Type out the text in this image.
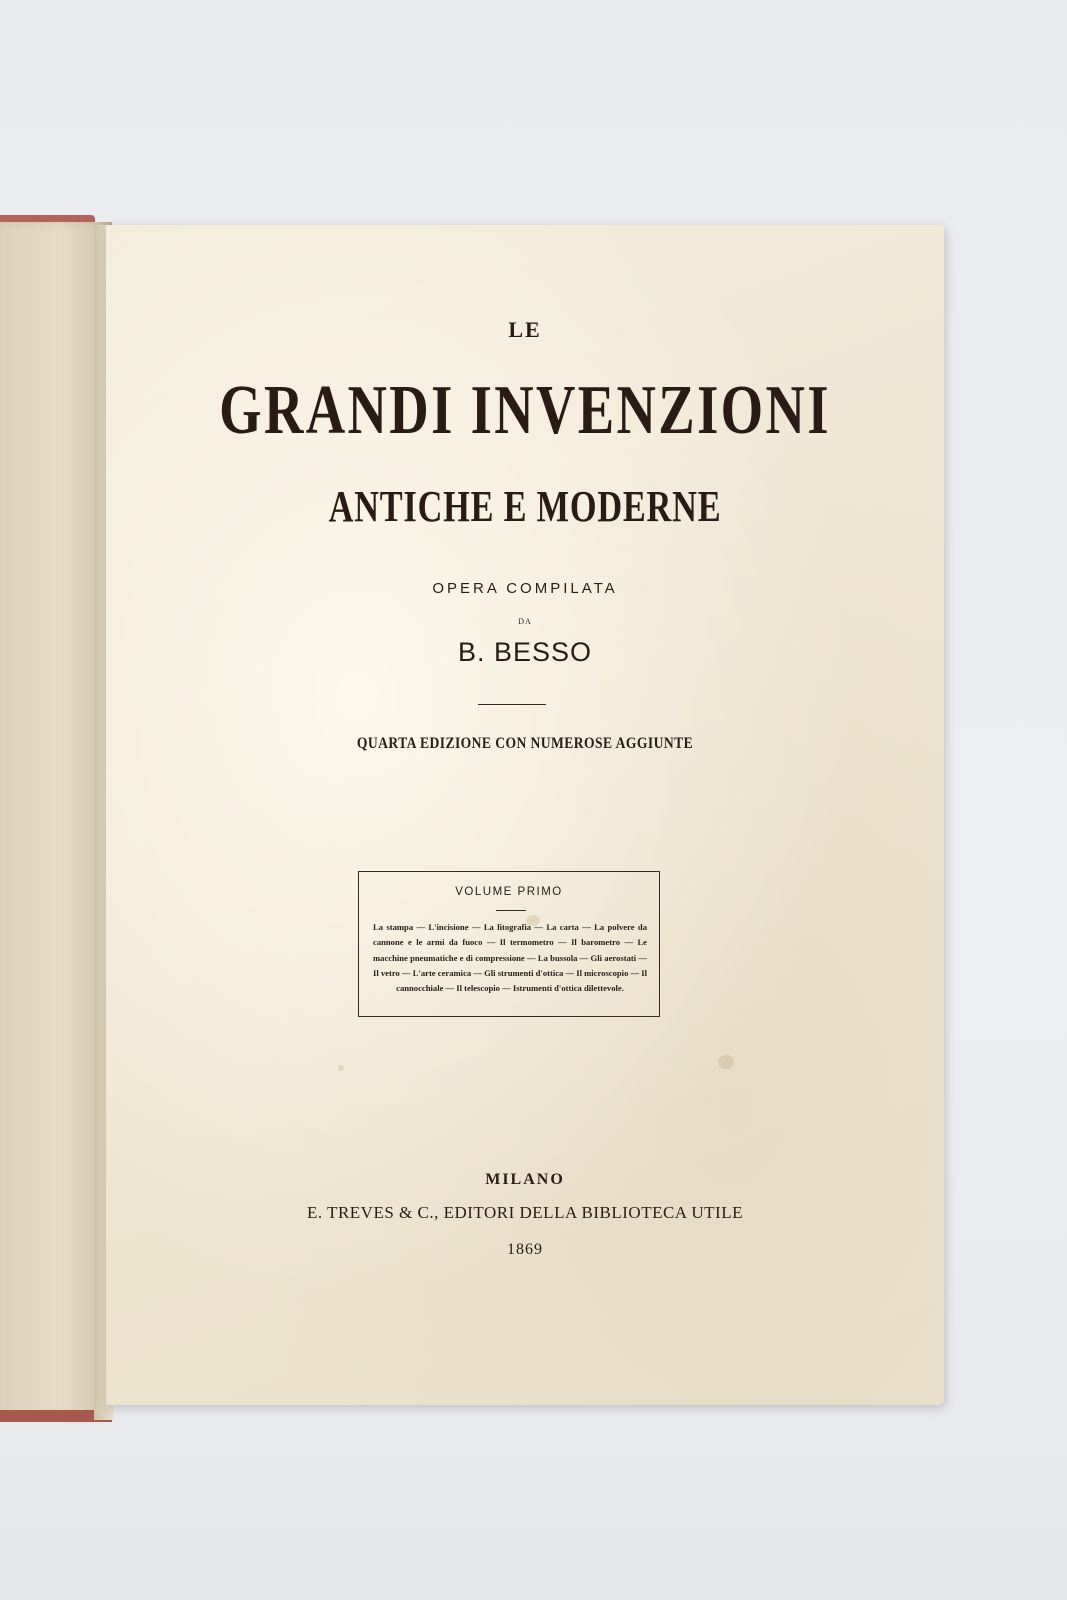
LE
GRANDI INVENZIONI
ANTICHE E MODERNE
OPERA COMPILATA
DA
B. BESSO
QUARTA EDIZIONE CON NUMEROSE AGGIUNTE
VOLUME PRIMO
La stampa — L'incisione — La litografia — La carta — La polvere da cannone e le armi da fuoco — Il termometro — Il barometro — Le macchine pneumatiche e di compressione — La bussola — Gli aerostati — Il vetro — L'arte ceramica — Gli strumenti d'ottica — Il microscopio — Il cannocchiale — Il telescopio — Istrumenti d'ottica dilettevole.
MILANO
E. TREVES & C., EDITORI DELLA BIBLIOTECA UTILE
1869
